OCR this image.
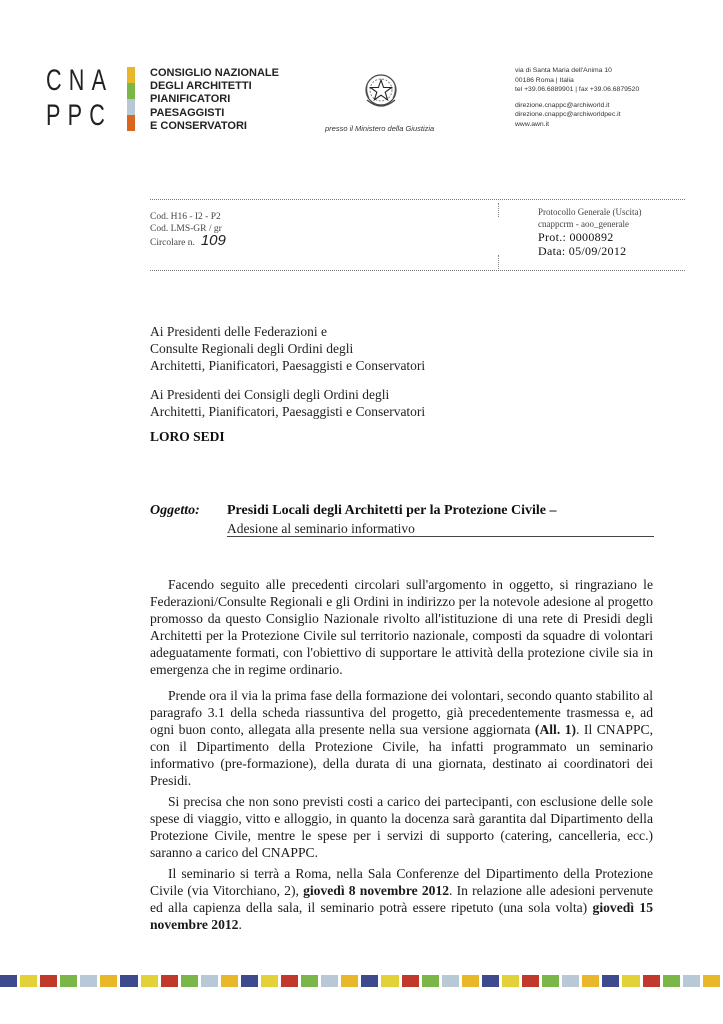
CNA
PPC
CONSIGLIO NAZIONALE
DEGLI ARCHITETTI
PIANIFICATORI
PAESAGGISTI
E CONSERVATORI	presso il Ministero della Giustizia
via di Santa Maria dell'Anima 10
00186 Roma | Italia
tel +39.06.6889901 | fax +39.06.6879520
direzione.cnappc@archiworld.it
direzione.cnappc@archiworldpec.it
www.awn.it
Cod. H16 - I2 - P2
Cod. LMS-GR / gr
Circolare n. 109
Protocollo Generale (Uscita)
cnappcrm - aoo_generale
Prot.: 0000892
Data: 05/09/2012

Ai Presidenti delle Federazioni e
Consulte Regionali degli Ordini degli
Architetti, Pianificatori, Paesaggisti e Conservatori

Ai Presidenti dei Consigli degli Ordini degli
Architetti, Pianificatori, Paesaggisti e Conservatori

LORO SEDI
Oggetto: Presidi Locali degli Architetti per la Protezione Civile –
Adesione al seminario informativo

Facendo seguito alle precedenti circolari sull'argomento in oggetto, si ringraziano le Federazioni/Consulte Regionali e gli Ordini in indirizzo per la notevole adesione al progetto promosso da questo Consiglio Nazionale rivolto all'istituzione di una rete di Presidi degli Architetti per la Protezione Civile sul territorio nazionale, composti da squadre di volontari adeguatamente formati, con l'obiettivo di supportare le attività della protezione civile sia in emergenza che in regime ordinario.

Prende ora il via la prima fase della formazione dei volontari, secondo quanto stabilito al paragrafo 3.1 della scheda riassuntiva del progetto, già precedentemente trasmessa e, ad ogni buon conto, allegata alla presente nella sua versione aggiornata (All. 1). Il CNAPPC, con il Dipartimento della Protezione Civile, ha infatti programmato un seminario informativo (pre-formazione), della durata di una giornata, destinato ai coordinatori dei Presidi.

Si precisa che non sono previsti costi a carico dei partecipanti, con esclusione delle sole spese di viaggio, vitto e alloggio, in quanto la docenza sarà garantita dal Dipartimento della Protezione Civile, mentre le spese per i servizi di supporto (catering, cancelleria, ecc.) saranno a carico del CNAPPC.

Il seminario si terrà a Roma, nella Sala Conferenze del Dipartimento della Protezione Civile (via Vitorchiano, 2), giovedì 8 novembre 2012. In relazione alle adesioni pervenute ed alla capienza della sala, il seminario potrà essere ripetuto (una sola volta) giovedì 15 novembre 2012.
